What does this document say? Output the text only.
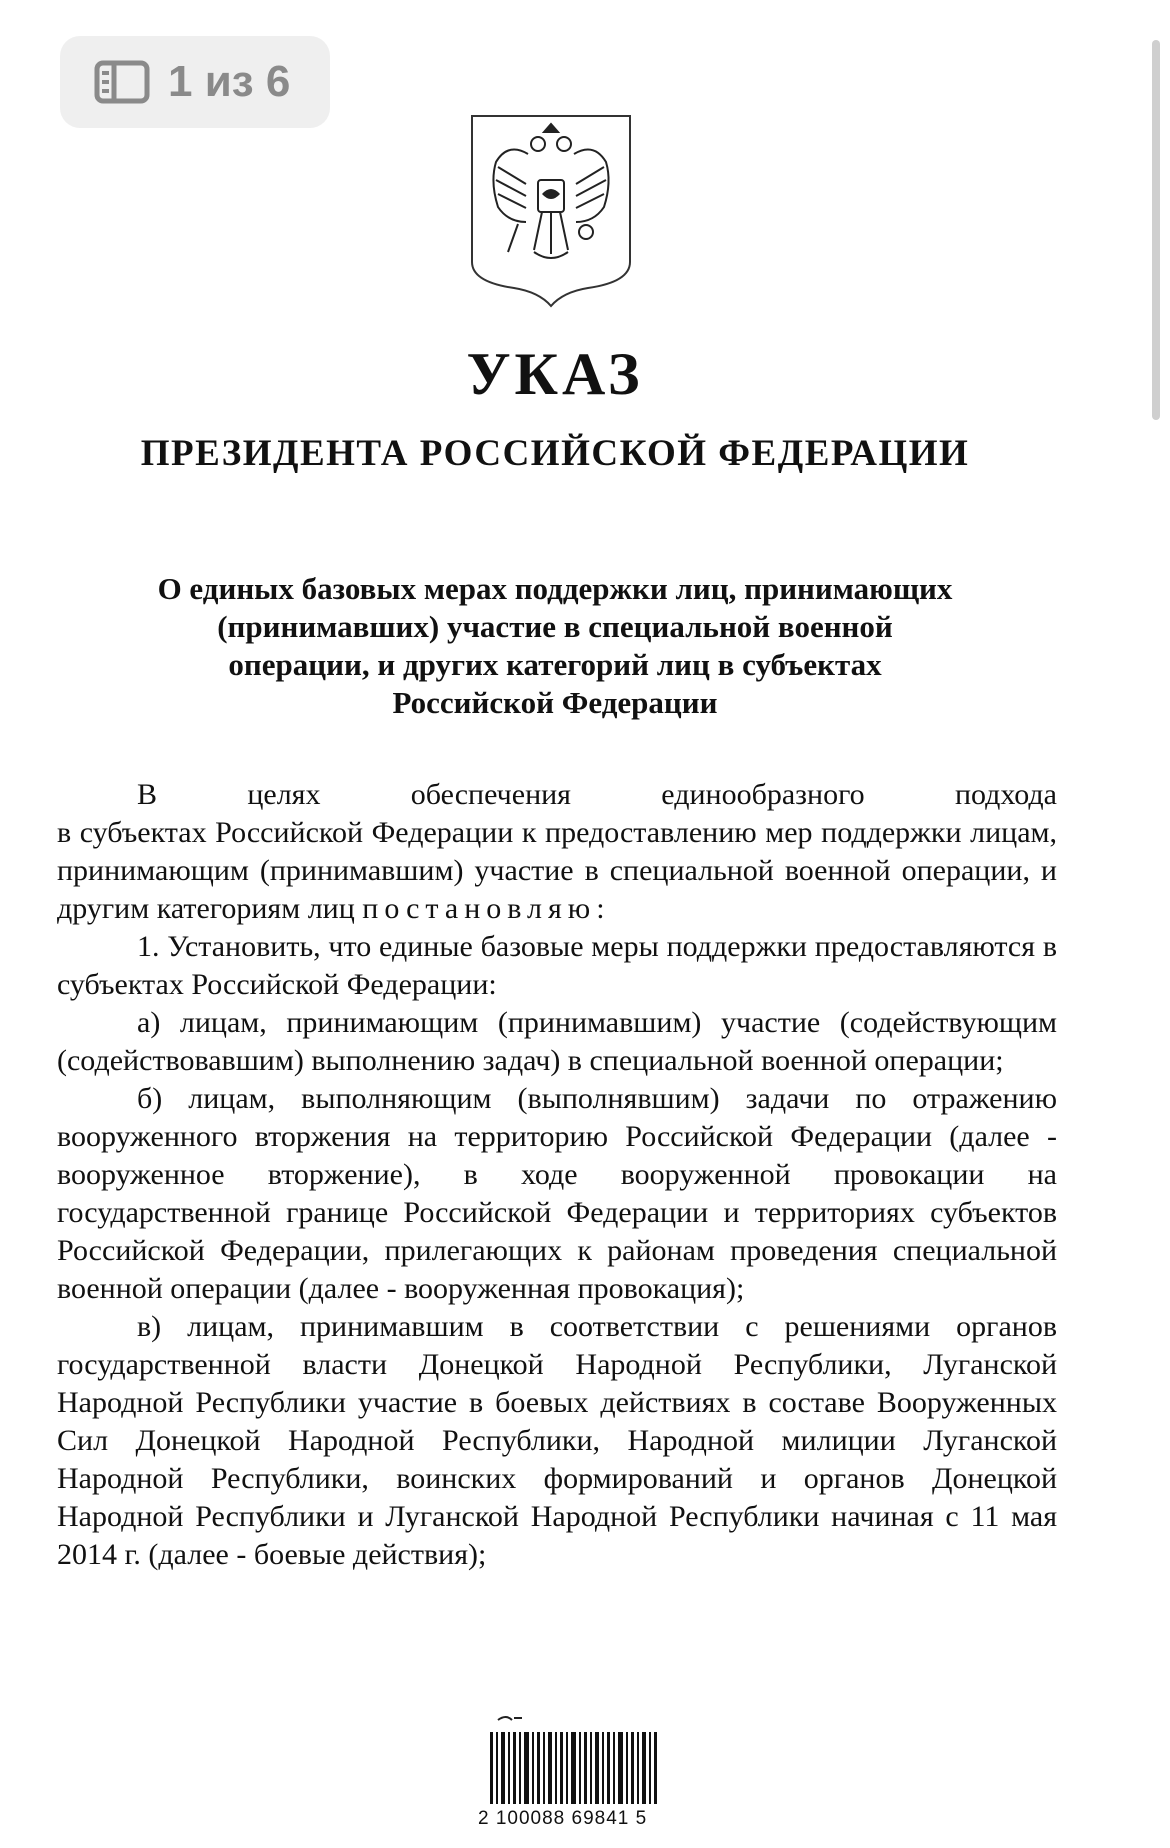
1 из 6
УКАЗ
ПРЕЗИДЕНТА РОССИЙСКОЙ ФЕДЕРАЦИИ
О единых базовых мерах поддержки лиц, принимающих
(принимавших) участие в специальной военной
операции, и других категорий лиц в субъектах
Российской Федерации

В целях обеспечения единообразного подхода

в субъектах Российской Федерации к предоставлению мер поддержки лицам, принимающим (принимавшим) участие в специальной военной операции, и другим категориям лиц постановляю:

1. Установить, что единые базовые меры поддержки предоставляются в субъектах Российской Федерации:

а) лицам, принимающим (принимавшим) участие (содействующим (содействовавшим) выполнению задач) в специальной военной операции;

б) лицам, выполняющим (выполнявшим) задачи по отражению вооруженного вторжения на территорию Российской Федерации (далее - вооруженное вторжение), в ходе вооруженной провокации на государственной границе Российской Федерации и территориях субъектов Российской Федерации, прилегающих к районам проведения специальной военной операции (далее - вооруженная провокация);

в) лицам, принимавшим в соответствии с решениями органов государственной власти Донецкой Народной Республики, Луганской Народной Республики участие в боевых действиях в составе Вооруженных Сил Донецкой Народной Республики, Народной милиции Луганской Народной Республики, воинских формирований и органов Донецкой Народной Республики и Луганской Народной Республики начиная с 11 мая 2014 г. (далее - боевые действия);

2 100088 69841 5
